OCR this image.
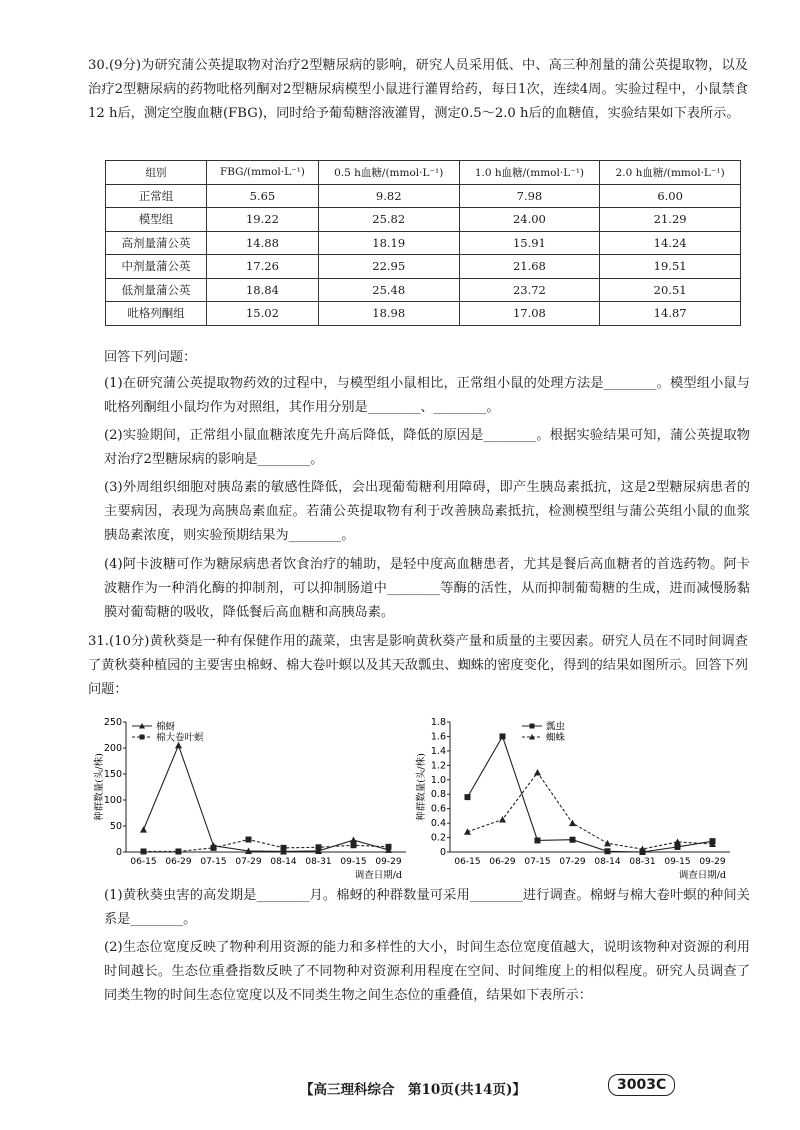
30.(9分)为研究蒲公英提取物对治疗2型糖尿病的影响，研究人员采用低、中、高三种剂量的蒲公英提取物，以及治疗2型糖尿病的药物吡格列酮对2型糖尿病模型小鼠进行灌胃给药，每日1次，连续4周。实验过程中，小鼠禁食12 h后，测定空腹血糖(FBG)，同时给予葡萄糖溶液灌胃，测定0.5～2.0 h后的血糖值，实验结果如下表所示。
组别	FBG/(mmol·L⁻¹)	0.5 h血糖/(mmol·L⁻¹)	1.0 h血糖/(mmol·L⁻¹)	2.0 h血糖/(mmol·L⁻¹)
正常组	5.65	9.82	7.98	6.00
模型组	19.22	25.82	24.00	21.29
高剂量蒲公英	14.88	18.19	15.91	14.24
中剂量蒲公英	17.26	22.95	21.68	19.51
低剂量蒲公英	18.84	25.48	23.72	20.51
吡格列酮组	15.02	18.98	17.08	14.87
回答下列问题：
(1)在研究蒲公英提取物药效的过程中，与模型组小鼠相比，正常组小鼠的处理方法是________。模型组小鼠与吡格列酮组小鼠均作为对照组，其作用分别是________、________。
(2)实验期间，正常组小鼠血糖浓度先升高后降低，降低的原因是________。根据实验结果可知，蒲公英提取物对治疗2型糖尿病的影响是________。
(3)外周组织细胞对胰岛素的敏感性降低，会出现葡萄糖利用障碍，即产生胰岛素抵抗，这是2型糖尿病患者的主要病因，表现为高胰岛素血症。若蒲公英提取物有利于改善胰岛素抵抗，检测模型组与蒲公英组小鼠的血浆胰岛素浓度，则实验预期结果为________。
(4)阿卡波糖可作为糖尿病患者饮食治疗的辅助，是轻中度高血糖患者，尤其是餐后高血糖者的首选药物。阿卡波糖作为一种消化酶的抑制剂，可以抑制肠道中________等酶的活性，从而抑制葡萄糖的生成，进而减慢肠黏膜对葡萄糖的吸收，降低餐后高血糖和高胰岛素。
31.(10分)黄秋葵是一种有保健作用的蔬菜，虫害是影响黄秋葵产量和质量的主要因素。研究人员在不同时间调查了黄秋葵种植园的主要害虫棉蚜、棉大卷叶螟以及其天敌瓢虫、蜘蛛的密度变化，得到的结果如图所示。回答下列问题：
0
50
100
150
200
250
06-15 06-29 07-15 07-29 08-14 08-31 09-15 09-29
调查日期/d
种群数量(头/株)
棉蚜
棉大卷叶螟
0
0.2
0.4
0.6
0.8
1.0
1.2
1.4
1.6
1.8
06-15 06-29 07-15 07-29 08-14 08-31 09-15 09-29
调查日期/d
种群数量(头/株)
瓢虫
蜘蛛
(1)黄秋葵虫害的高发期是________月。棉蚜的种群数量可采用________进行调查。棉蚜与棉大卷叶螟的种间关系是________。
(2)生态位宽度反映了物种利用资源的能力和多样性的大小，时间生态位宽度值越大，说明该物种对资源的利用时间越长。生态位重叠指数反映了不同物种对资源利用程度在空间、时间维度上的相似程度。研究人员调查了同类生物的时间生态位宽度以及不同类生物之间生态位的重叠值，结果如下表所示：
【高三理科综合　第10页(共14页)】	3003C
